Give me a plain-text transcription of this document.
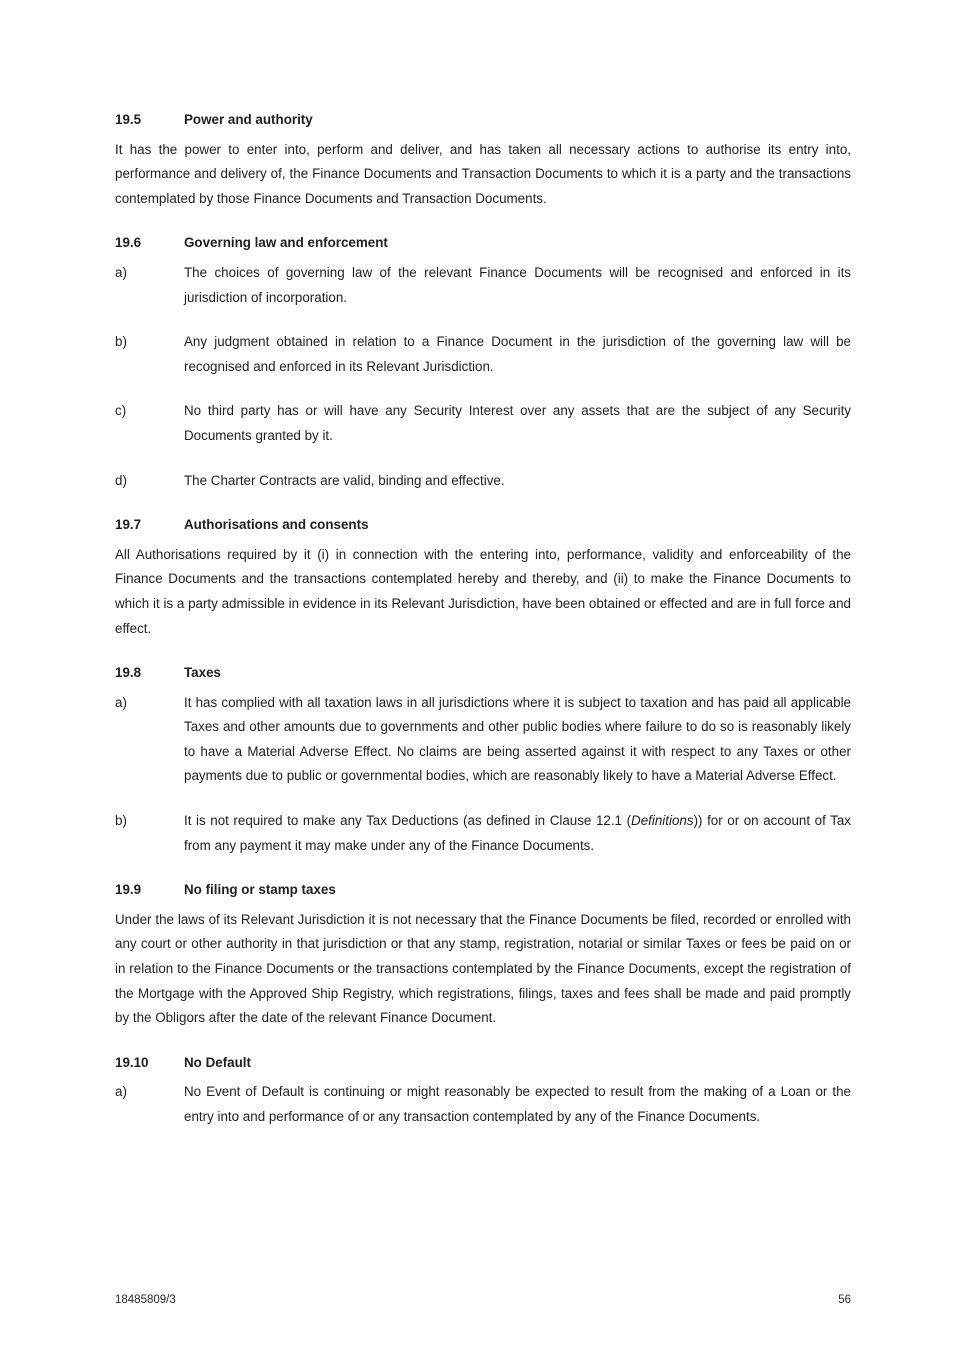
19.5	Power and authority

It has the power to enter into, perform and deliver, and has taken all necessary actions to authorise its entry into, performance and delivery of, the Finance Documents and Transaction Documents to which it is a party and the transactions contemplated by those Finance Documents and Transaction Documents.

19.6	Governing law and enforcement
a)	The choices of governing law of the relevant Finance Documents will be recognised and enforced in its jurisdiction of incorporation.
b)	Any judgment obtained in relation to a Finance Document in the jurisdiction of the governing law will be recognised and enforced in its Relevant Jurisdiction.
c)	No third party has or will have any Security Interest over any assets that are the subject of any Security Documents granted by it.
d)	The Charter Contracts are valid, binding and effective.
19.7	Authorisations and consents

All Authorisations required by it (i) in connection with the entering into, performance, validity and enforceability of the Finance Documents and the transactions contemplated hereby and thereby, and (ii) to make the Finance Documents to which it is a party admissible in evidence in its Relevant Jurisdiction, have been obtained or effected and are in full force and effect.

19.8	Taxes
a)	It has complied with all taxation laws in all jurisdictions where it is subject to taxation and has paid all applicable Taxes and other amounts due to governments and other public bodies where failure to do so is reasonably likely to have a Material Adverse Effect. No claims are being asserted against it with respect to any Taxes or other payments due to public or governmental bodies, which are reasonably likely to have a Material Adverse Effect.
b)	It is not required to make any Tax Deductions (as defined in Clause 12.1 (Definitions)) for or on account of Tax from any payment it may make under any of the Finance Documents.
19.9	No filing or stamp taxes

Under the laws of its Relevant Jurisdiction it is not necessary that the Finance Documents be filed, recorded or enrolled with any court or other authority in that jurisdiction or that any stamp, registration, notarial or similar Taxes or fees be paid on or in relation to the Finance Documents or the transactions contemplated by the Finance Documents, except the registration of the Mortgage with the Approved Ship Registry, which registrations, filings, taxes and fees shall be made and paid promptly by the Obligors after the date of the relevant Finance Document.

19.10	No Default
a)	No Event of Default is continuing or might reasonably be expected to result from the making of a Loan or the entry into and performance of or any transaction contemplated by any of the Finance Documents.
18485809/3	56
